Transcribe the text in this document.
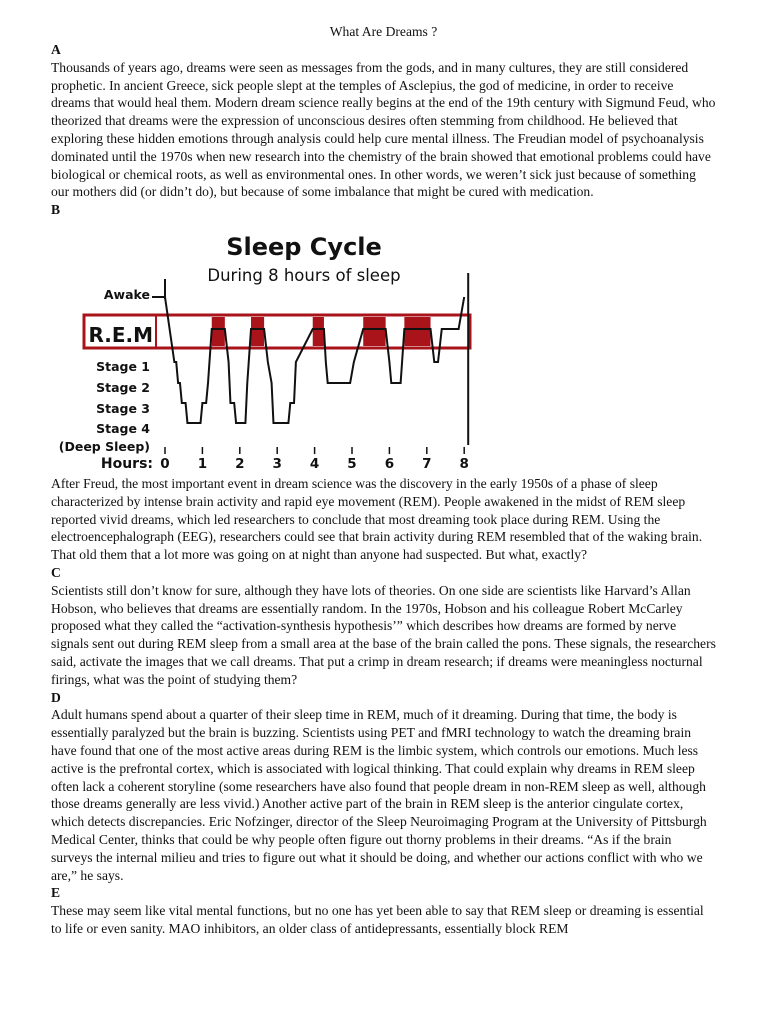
What Are Dreams ?
A

Thousands of years ago, dreams were seen as messages from the gods, and in many cultures, they are still considered prophetic. In ancient Greece, sick people slept at the temples of Asclepius, the god of medicine, in order to receive dreams that would heal them. Modern dream science really begins at the end of the 19th century with Sigmund Feud, who theorized that dreams were the expression of unconscious desires often stemming from childhood. He believed that exploring these hidden emotions through analysis could help cure mental illness. The Freudian model of psychoanalysis dominated until the 1970s when new research into the chemistry of the brain showed that emotional problems could have biological or chemical roots, as well as environmental ones. In other words, we weren’t sick just because of something our mothers did (or didn’t do), but because of some imbalance that might be cured with medication.

B
Sleep Cycle
During 8 hours of sleep
Awake
R.E.M
Stage 1
Stage 2
Stage 3
Stage 4
(Deep Sleep)
Hours: 0 1 2 3 4 5 6 7 8

After Freud, the most important event in dream science was the discovery in the early 1950s of a phase of sleep characterized by intense brain activity and rapid eye movement (REM). People awakened in the midst of REM sleep reported vivid dreams, which led researchers to conclude that most dreaming took place during REM. Using the electroencephalograph (EEG), researchers could see that brain activity during REM resembled that of the waking brain. That old them that a lot more was going on at night than anyone had suspected. But what, exactly?

C

Scientists still don’t know for sure, although they have lots of theories. On one side are scientists like Harvard’s Allan Hobson, who believes that dreams are essentially random. In the 1970s, Hobson and his colleague Robert McCarley proposed what they called the “activation-synthesis hypothesis’” which describes how dreams are formed by nerve signals sent out during REM sleep from a small area at the base of the brain called the pons. These signals, the researchers said, activate the images that we call dreams. That put a crimp in dream research; if dreams were meaningless nocturnal firings, what was the point of studying them?

D

Adult humans spend about a quarter of their sleep time in REM, much of it dreaming. During that time, the body is essentially paralyzed but the brain is buzzing. Scientists using PET and fMRI technology to watch the dreaming brain have found that one of the most active areas during REM is the limbic system, which controls our emotions. Much less active is the prefrontal cortex, which is associated with logical thinking. That could explain why dreams in REM sleep often lack a coherent storyline (some researchers have also found that people dream in non-REM sleep as well, although those dreams generally are less vivid.) Another active part of the brain in REM sleep is the anterior cingulate cortex, which detects discrepancies. Eric Nofzinger, director of the Sleep Neuroimaging Program at the University of Pittsburgh Medical Center, thinks that could be why people often figure out thorny problems in their dreams. “As if the brain surveys the internal milieu and tries to figure out what it should be doing, and whether our actions conflict with who we are,” he says.

E

These may seem like vital mental functions, but no one has yet been able to say that REM sleep or dreaming is essential to life or even sanity. MAO inhibitors, an older class of antidepressants, essentially block REM
